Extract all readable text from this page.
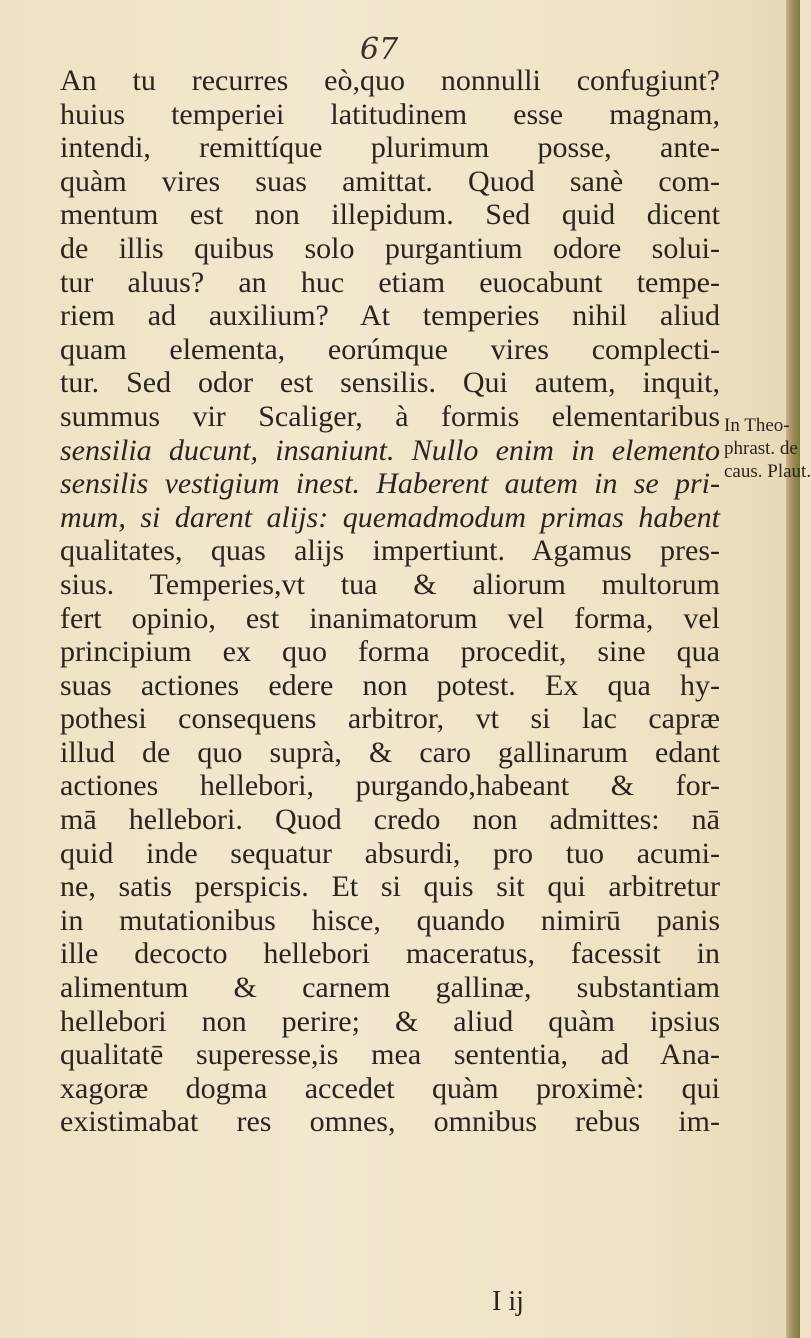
67
An tu recurres eò,quo nonnulli confugiunt?
huius temperiei latitudinem esse magnam,
intendi, remittíque plurimum posse, ante-
quàm vires suas amittat. Quod sanè com-
mentum est non illepidum. Sed quid dicent
de illis quibus solo purgantium odore solui-
tur aluus? an huc etiam euocabunt tempe-
riem ad auxilium? At temperies nihil aliud
quam elementa, eorúmque vires complecti-
tur. Sed odor est sensilis. Qui autem, inquit,
summus vir Scaliger, à formis elementaribus
sensilia ducunt, insaniunt. Nullo enim in elemento
sensilis vestigium inest. Haberent autem in se pri-
mum, si darent alijs: quemadmodum primas habent
qualitates, quas alijs impertiunt. Agamus pres-
sius. Temperies,vt tua & aliorum multorum
fert opinio, est inanimatorum vel forma, vel
principium ex quo forma procedit, sine qua
suas actiones edere non potest. Ex qua hy-
pothesi consequens arbitror, vt si lac capræ
illud de quo suprà, & caro gallinarum edant
actiones hellebori, purgando,habeant & for-
mā hellebori. Quod credo non admittes: nā
quid inde sequatur absurdi, pro tuo acumi-
ne, satis perspicis. Et si quis sit qui arbitretur
in mutationibus hisce, quando nimirū panis
ille decocto hellebori maceratus, facessit in
alimentum & carnem gallinæ, substantiam
hellebori non perire; & aliud quàm ipsius
qualitatē superesse,is mea sententia, ad Ana-
xagoræ dogma accedet quàm proximè: qui
existimabat res omnes, omnibus rebus im-
In Theo-
phrast. de
caus. Plaut.
I ij
